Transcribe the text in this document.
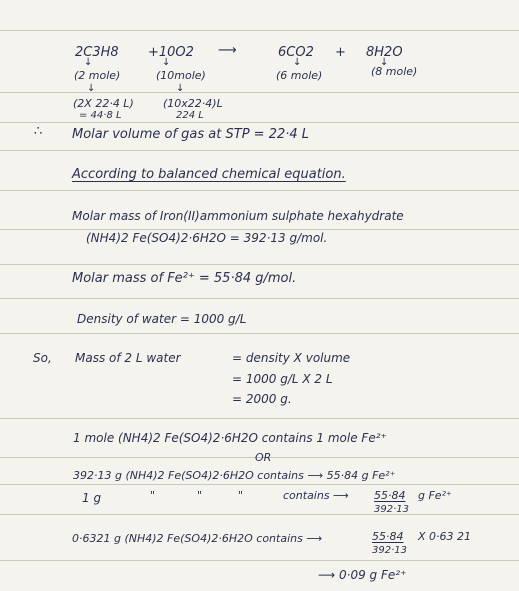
2C3H8 +10O2 ⟶	6CO2 + 8H2O
↓	↓	↓	↓
(2 mole)	(10mole)	(6 mole)	(8 mole)
↓	↓
(2X 22·4 L)
= 44·8 L
(10x22·4)L
224 L
∴ Molar volume of gas at STP = 22·4 L
According to balanced chemical equation.
Molar mass of Iron(II)ammonium sulphate hexahydrate
(NH4)2 Fe(SO4)2·6H2O = 392·13 g/mol.
Molar mass of Fe²⁺ = 55·84 g/mol.
Density of water = 1000 g/L
So, Mass of 2 L water	= density X volume
= 1000 g/L X 2 L
= 2000 g.
1 mole (NH4)2 Fe(SO4)2·6H2O contains 1 mole Fe²⁺
OR
392·13 g (NH4)2 Fe(SO4)2·6H2O contains ⟶ 55·84 g Fe²⁺
1 g	"	"	"	contains ⟶ 55·84 g Fe²⁺
392·13
0·6321 g (NH4)2 Fe(SO4)2·6H2O contains ⟶	55·84 X 0·63 21
392·13
⟶ 0·09 g Fe²⁺
